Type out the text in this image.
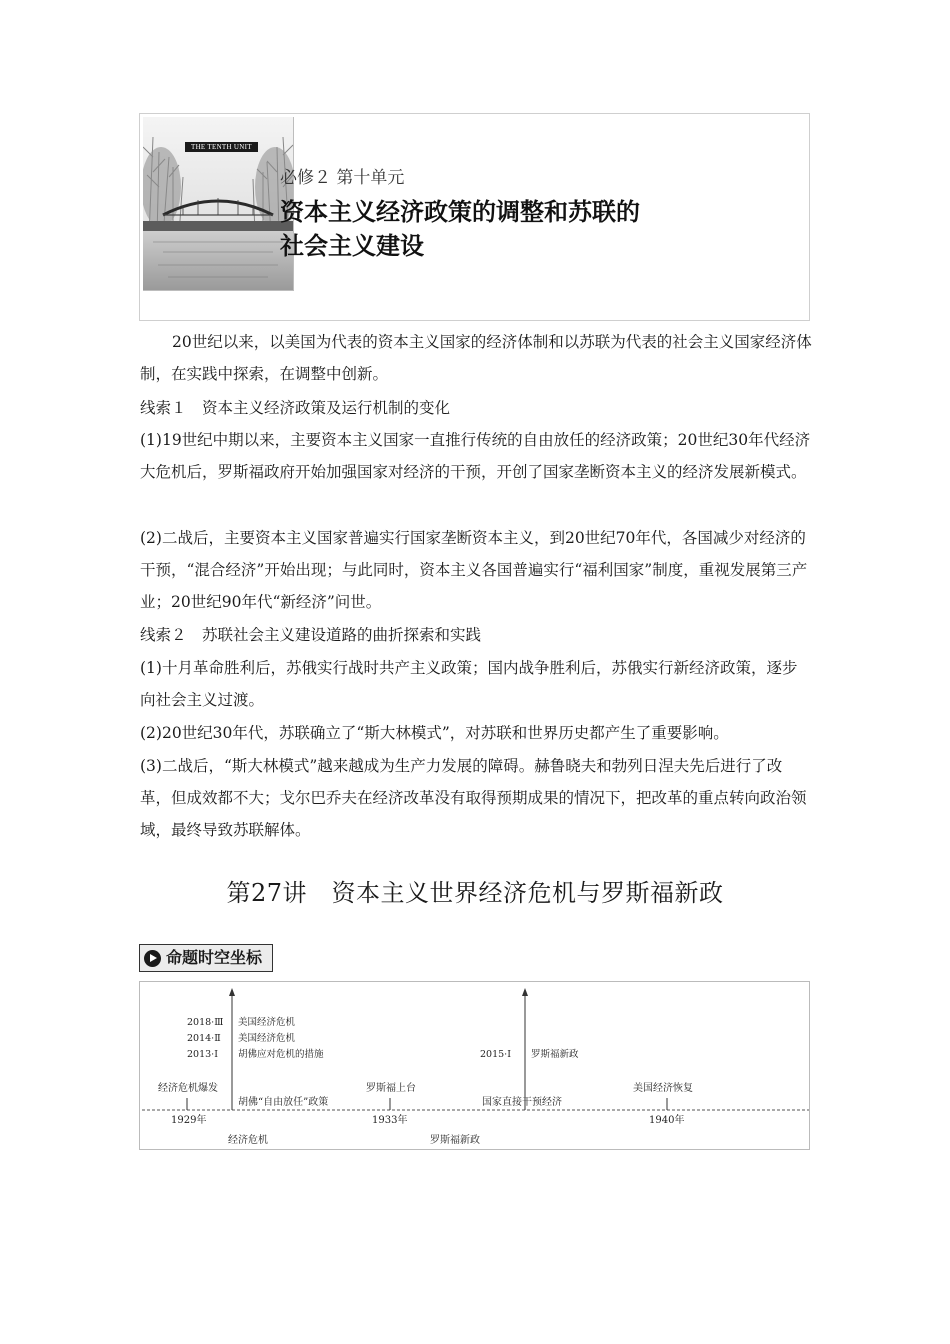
THE TENTH UNIT
必修２ 第十单元
资本主义经济政策的调整和苏联的
社会主义建设

20世纪以来，以美国为代表的资本主义国家的经济体制和以苏联为代表的社会主义国家经济体制，在实践中探索，在调整中创新。

线索１　资本主义经济政策及运行机制的变化

(1)19世纪中期以来，主要资本主义国家一直推行传统的自由放任的经济政策；20世纪30年代经济大危机后，罗斯福政府开始加强国家对经济的干预，开创了国家垄断资本主义的经济发展新模式。

(2)二战后，主要资本主义国家普遍实行国家垄断资本主义，到20世纪70年代，各国减少对经济的干预，“混合经济”开始出现；与此同时，资本主义各国普遍实行“福利国家”制度，重视发展第三产业；20世纪90年代“新经济”问世。

线索２　苏联社会主义建设道路的曲折探索和实践

(1)十月革命胜利后，苏俄实行战时共产主义政策；国内战争胜利后，苏俄实行新经济政策，逐步向社会主义过渡。

(2)20世纪30年代，苏联确立了“斯大林模式”，对苏联和世界历史都产生了重要影响。

(3)二战后，“斯大林模式”越来越成为生产力发展的障碍。赫鲁晓夫和勃列日涅夫先后进行了改革，但成效都不大；戈尔巴乔夫在经济改革没有取得预期成果的情况下，把改革的重点转向政治领域，最终导致苏联解体。

第27讲　资本主义世界经济危机与罗斯福新政
命题时空坐标
2018·Ⅲ 美国经济危机
2014·Ⅱ 美国经济危机
2013·Ⅰ 胡佛应对危机的措施	2015·Ⅰ 罗斯福新政
经济危机爆发
胡佛“自由放任”政策
罗斯福上台
国家直接干预经济
美国经济恢复
1929年	1933年	1940年
经济危机	罗斯福新政
